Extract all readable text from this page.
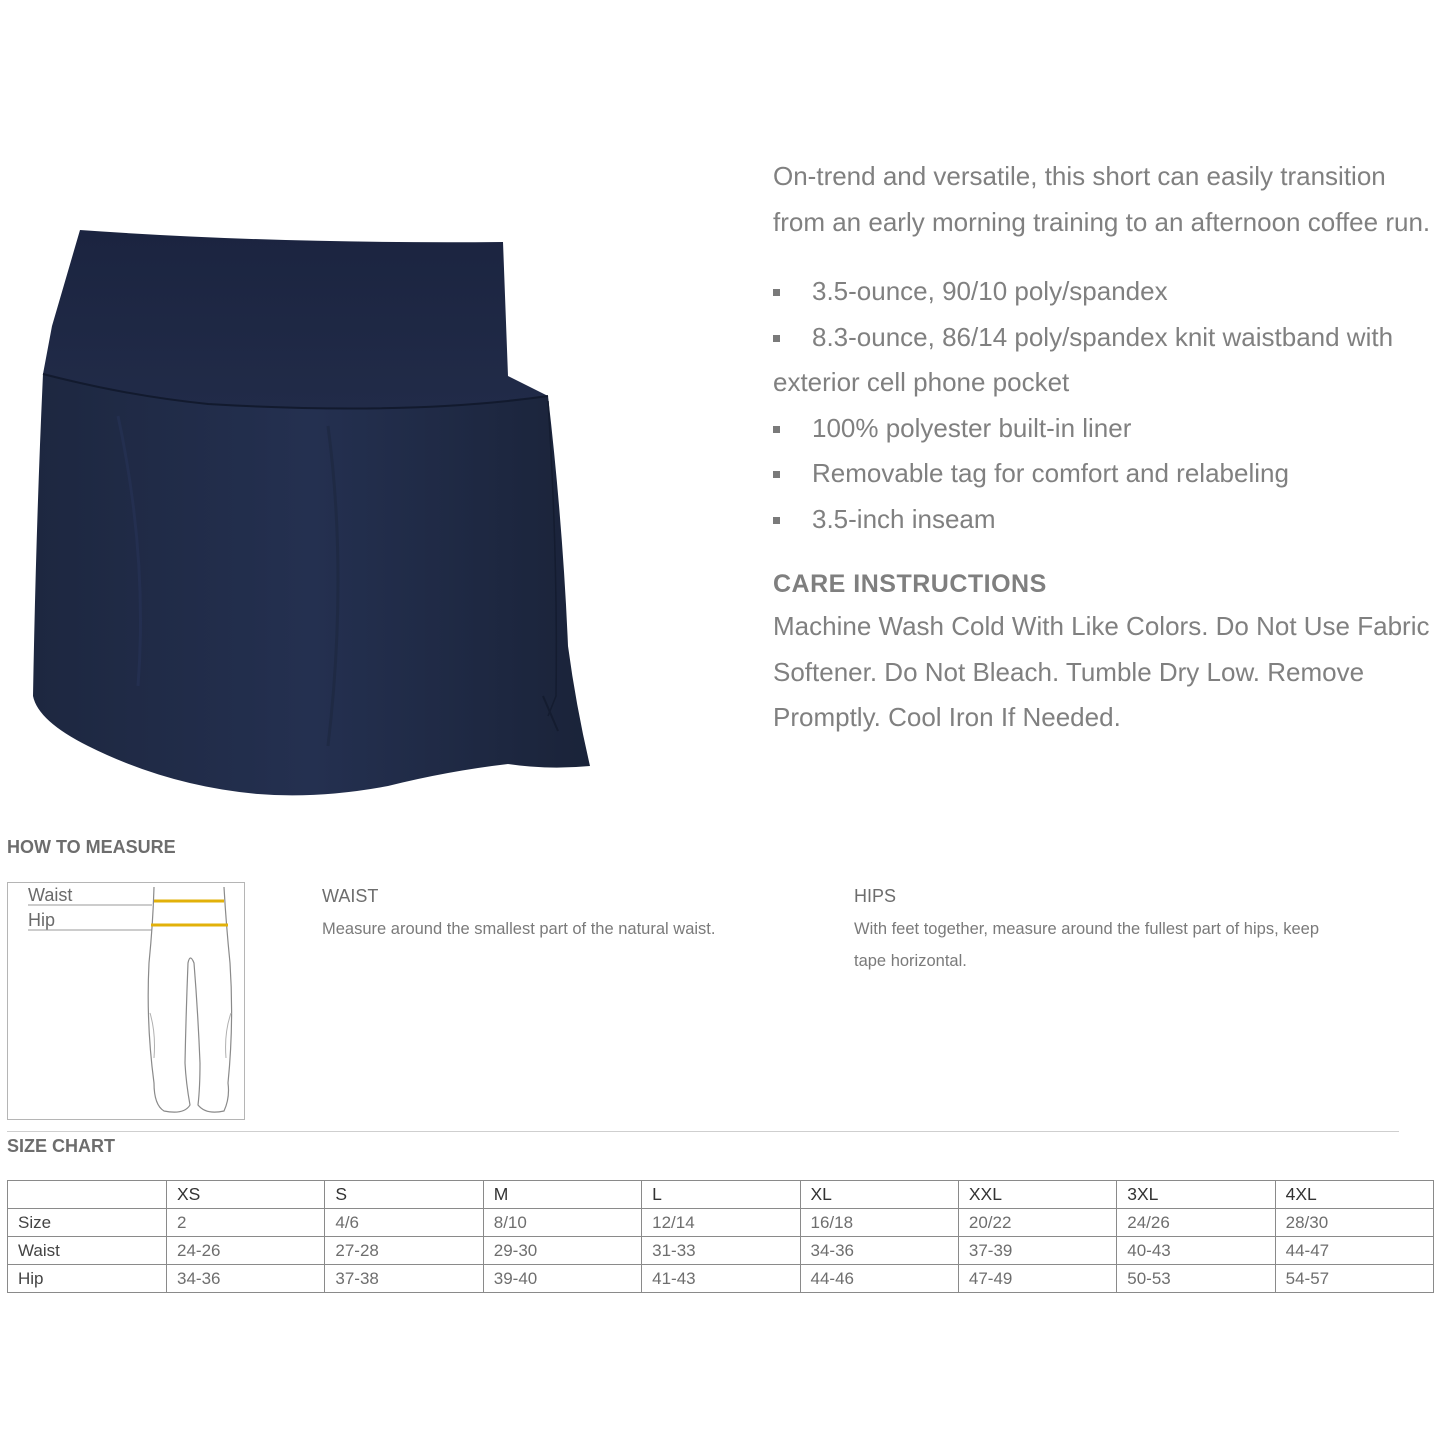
On-trend and versatile, this short can easily transition from an early morning training to an afternoon coffee run.

3.5-ounce, 90/10 poly/spandex
8.3-ounce, 86/14 poly/spandex knit waistband with exterior cell phone pocket
100% polyester built-in liner
Removable tag for comfort and relabeling
3.5-inch inseam
CARE INSTRUCTIONS

Machine Wash Cold With Like Colors. Do Not Use Fabric Softener. Do Not Bleach. Tumble Dry Low. Remove Promptly. Cool Iron If Needed.

HOW TO MEASURE
Waist
Hip
WAIST
Measure around the smallest part of the natural waist.
HIPS
With feet together, measure around the fullest part of hips, keep tape horizontal.
SIZE CHART
	XS	S	M	L	XL	XXL	3XL	4XL
Size	2	4/6	8/10	12/14	16/18	20/22	24/26	28/30
Waist	24-26	27-28	29-30	31-33	34-36	37-39	40-43	44-47
Hip	34-36	37-38	39-40	41-43	44-46	47-49	50-53	54-57
